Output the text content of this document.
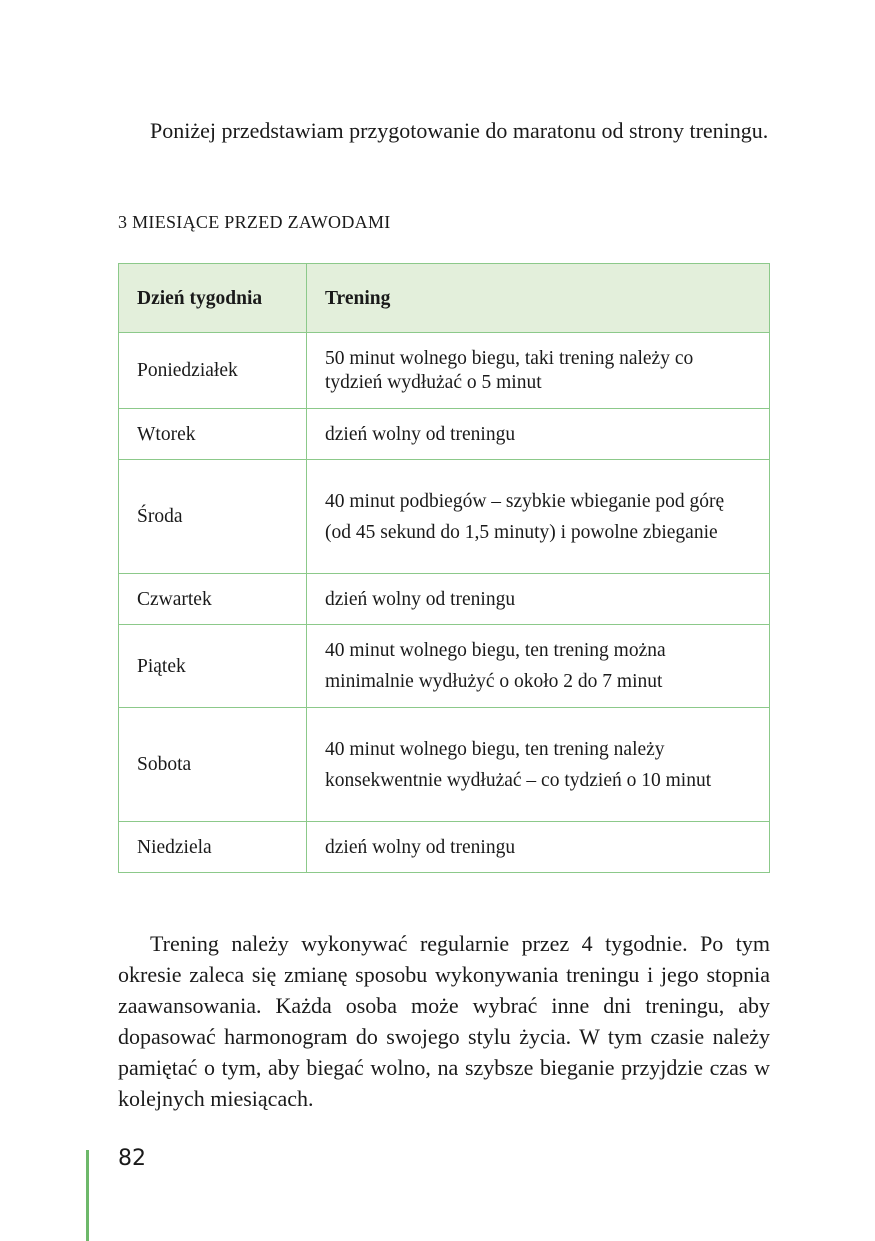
Poniżej przedstawiam przygotowanie do maratonu od strony treningu.

3 MIESIĄCE PRZED ZAWODAMI
Dzień tygodnia	Trening
Poniedziałek	50 minut wolnego biegu, taki trening należy co tydzień wydłużać o 5 minut
Wtorek	dzień wolny od treningu
Środa	40 minut podbiegów – szybkie wbieganie pod górę (od 45 sekund do 1,5 minuty) i powolne zbieganie
Czwartek	dzień wolny od treningu
Piątek	40 minut wolnego biegu, ten trening można minimalnie wydłużyć o około 2 do 7 minut
Sobota	40 minut wolnego biegu, ten trening należy konsekwentnie wydłużać – co tydzień o 10 minut
Niedziela	dzień wolny od treningu

Trening należy wykonywać regularnie przez 4 tygodnie. Po tym okresie zaleca się zmianę sposobu wykonywania treningu i jego stopnia zaawansowania. Każda osoba może wybrać inne dni treningu, aby dopasować harmonogram do swojego stylu życia. W tym czasie należy pamiętać o tym, aby biegać wolno, na szybsze bieganie przyjdzie czas w kolejnych miesiącach.

82
